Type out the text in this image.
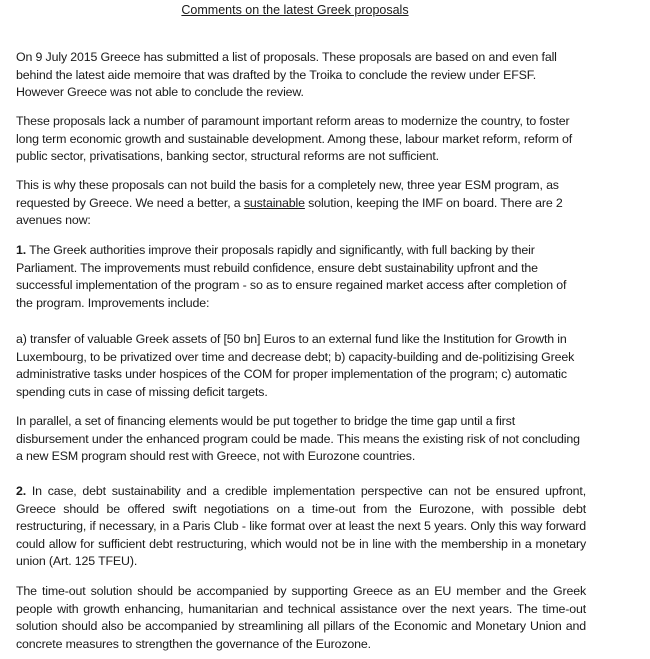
Comments on the latest Greek proposals

On 9 July 2015 Greece has submitted a list of proposals. These proposals are based on and even fall behind the latest aide memoire that was drafted by the Troika to conclude the review under EFSF. However Greece was not able to conclude the review.

These proposals lack a number of paramount important reform areas to modernize the country, to foster long term economic growth and sustainable development. Among these, labour market reform, reform of public sector, privatisations, banking sector, structural reforms are not sufficient.

This is why these proposals can not build the basis for a completely new, three year ESM program, as requested by Greece. We need a better, a sustainable solution, keeping the IMF on board. There are 2 avenues now:

1. The Greek authorities improve their proposals rapidly and significantly, with full backing by their Parliament. The improvements must rebuild confidence, ensure debt sustainability upfront and the successful implementation of the program - so as to ensure regained market access after completion of the program. Improvements include:

a) transfer of valuable Greek assets of [50 bn] Euros to an external fund like the Institution for Growth in Luxembourg, to be privatized over time and decrease debt; b) capacity-building and de-politizising Greek administrative tasks under hospices of the COM for proper implementation of the program; c) automatic spending cuts in case of missing deficit targets.

In parallel, a set of financing elements would be put together to bridge the time gap until a first disbursement under the enhanced program could be made. This means the existing risk of not concluding a new ESM program should rest with Greece, not with Eurozone countries.

2. In case, debt sustainability and a credible implementation perspective can not be ensured upfront, Greece should be offered swift negotiations on a time-out from the Eurozone, with possible debt restructuring, if necessary, in a Paris Club - like format over at least the next 5 years. Only this way forward could allow for sufficient debt restructuring, which would not be in line with the membership in a monetary union (Art. 125 TFEU).

The time-out solution should be accompanied by supporting Greece as an EU member and the Greek people with growth enhancing, humanitarian and technical assistance over the next years. The time-out solution should also be accompanied by streamlining all pillars of the Economic and Monetary Union and concrete measures to strengthen the governance of the Eurozone.
